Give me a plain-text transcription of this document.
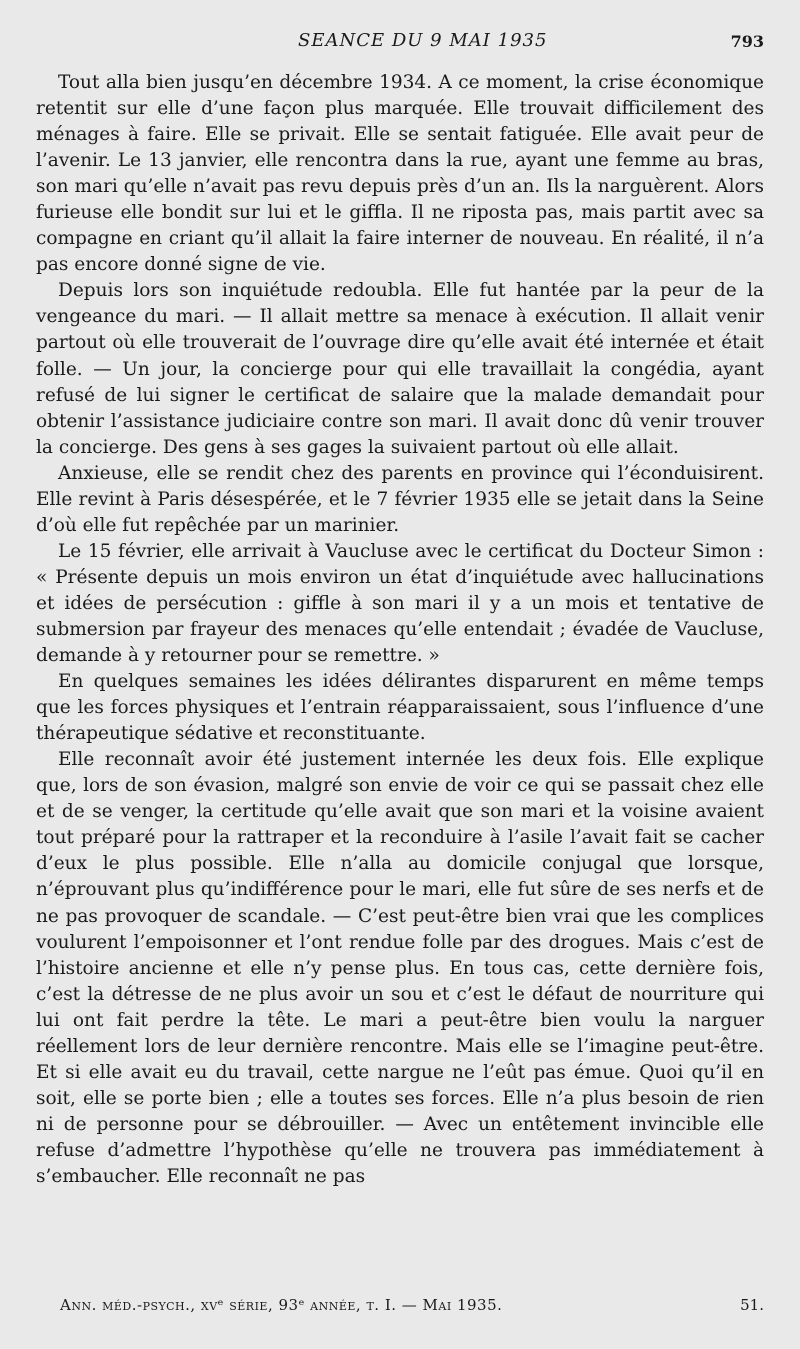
SEANCE DU 9 MAI 1935	793

Tout alla bien jusqu’en décembre 1934. A ce moment, la crise économique retentit sur elle d’une façon plus marquée. Elle trouvait difficilement des ménages à faire. Elle se privait. Elle se sentait fatiguée. Elle avait peur de l’avenir. Le 13 janvier, elle rencontra dans la rue, ayant une femme au bras, son mari qu’elle n’avait pas revu depuis près d’un an. Ils la narguèrent. Alors furieuse elle bondit sur lui et le giffla. Il ne riposta pas, mais partit avec sa compagne en criant qu’il allait la faire interner de nouveau. En réalité, il n’a pas encore donné signe de vie.

Depuis lors son inquiétude redoubla. Elle fut hantée par la peur de la vengeance du mari. — Il allait mettre sa menace à exécution. Il allait venir partout où elle trouverait de l’ouvrage dire qu’elle avait été internée et était folle. — Un jour, la concierge pour qui elle travaillait la congédia, ayant refusé de lui signer le certificat de salaire que la malade demandait pour obtenir l’assistance judiciaire contre son mari. Il avait donc dû venir trouver la concierge. Des gens à ses gages la suivaient partout où elle allait.

Anxieuse, elle se rendit chez des parents en province qui l’éconduisirent. Elle revint à Paris désespérée, et le 7 février 1935 elle se jetait dans la Seine d’où elle fut repêchée par un marinier.

Le 15 février, elle arrivait à Vaucluse avec le certificat du Docteur Simon : « Présente depuis un mois environ un état d’inquiétude avec hallucinations et idées de persécution : giffle à son mari il y a un mois et tentative de submersion par frayeur des menaces qu’elle entendait ; évadée de Vaucluse, demande à y retourner pour se remettre. »

En quelques semaines les idées délirantes disparurent en même temps que les forces physiques et l’entrain réapparaissaient, sous l’influence d’une thérapeutique sédative et reconstituante.

Elle reconnaît avoir été justement internée les deux fois. Elle explique que, lors de son évasion, malgré son envie de voir ce qui se passait chez elle et de se venger, la certitude qu’elle avait que son mari et la voisine avaient tout préparé pour la rattraper et la reconduire à l’asile l’avait fait se cacher d’eux le plus possible. Elle n’alla au domicile conjugal que lorsque, n’éprouvant plus qu’indifférence pour le mari, elle fut sûre de ses nerfs et de ne pas provoquer de scandale. — C’est peut-être bien vrai que les complices voulurent l’empoisonner et l’ont rendue folle par des drogues. Mais c’est de l’histoire ancienne et elle n’y pense plus. En tous cas, cette dernière fois, c’est la détresse de ne plus avoir un sou et c’est le défaut de nourriture qui lui ont fait perdre la tête. Le mari a peut-être bien voulu la narguer réellement lors de leur dernière rencontre. Mais elle se l’imagine peut-être. Et si elle avait eu du travail, cette nargue ne l’eût pas émue. Quoi qu’il en soit, elle se porte bien ; elle a toutes ses forces. Elle n’a plus besoin de rien ni de personne pour se débrouiller. — Avec un entêtement invincible elle refuse d’admettre l’hypothèse qu’elle ne trouvera pas immédiatement à s’embaucher. Elle reconnaît ne pas

Ann. méd.-psych., xvᵉ série, 93ᵉ année, t. I. — Mai 1935.	51.
